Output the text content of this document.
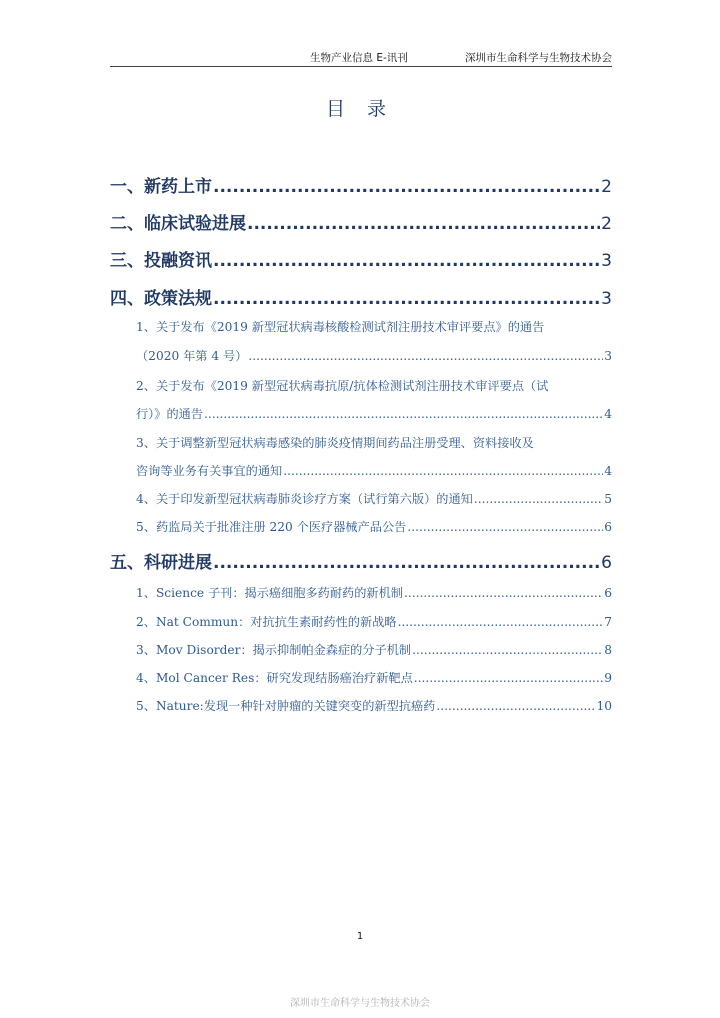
生物产业信息 E-讯刊	深圳市生命科学与生物技术协会
目 录
一、新药上市 .....	2
二、临床试验进展 .....	2
三、投融资讯 .....	3
四、政策法规 .....	3
1、关于发布《2019 新型冠状病毒核酸检测试剂注册技术审评要点》的通告
（2020 年第 4 号） .....	3
2、关于发布《2019 新型冠状病毒抗原/抗体检测试剂注册技术审评要点（试
行）》的通告 .....	4
3、关于调整新型冠状病毒感染的肺炎疫情期间药品注册受理、资料接收及
咨询等业务有关事宜的通知 .....	4
4、关于印发新型冠状病毒肺炎诊疗方案（试行第六版）的通知 .....	5
5、药监局关于批准注册 220 个医疗器械产品公告 .....	6
五、科研进展 .....	6
1、Science 子刊：揭示癌细胞多药耐药的新机制 .....	6
2、Nat Commun：对抗抗生素耐药性的新战略 .....	7
3、Mov Disorder：揭示抑制帕金森症的分子机制 .....	8
4、Mol Cancer Res：研究发现结肠癌治疗新靶点 .....	9
5、Nature:发现一种针对肿瘤的关键突变的新型抗癌药 .....	10
1
深圳市生命科学与生物技术协会
